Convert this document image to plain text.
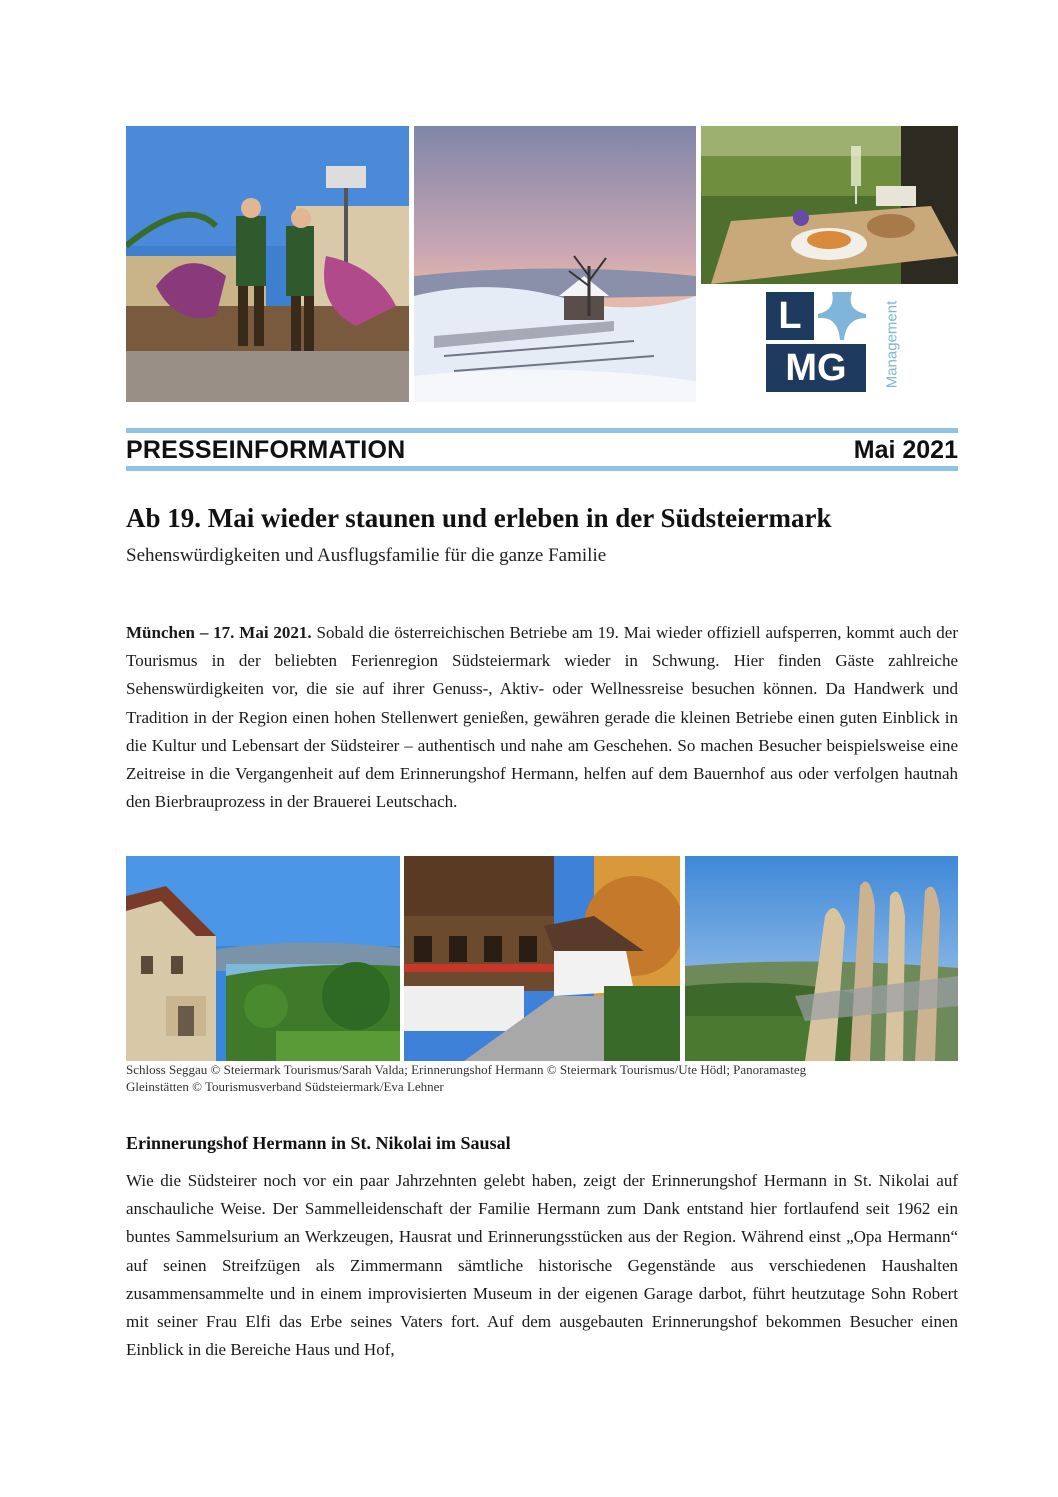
L
MG	Management
PRESSEINFORMATION	Mai 2021
Ab 19. Mai wieder staunen und erleben in der Südsteiermark
Sehenswürdigkeiten und Ausflugsfamilie für die ganze Familie

München – 17. Mai 2021. Sobald die österreichischen Betriebe am 19. Mai wieder offiziell aufsperren, kommt auch der Tourismus in der beliebten Ferienregion Südsteiermark wieder in Schwung. Hier finden Gäste zahlreiche Sehenswürdigkeiten vor, die sie auf ihrer Genuss-, Aktiv- oder Wellnessreise besuchen können. Da Handwerk und Tradition in der Region einen hohen Stellenwert genießen, gewähren gerade die kleinen Betriebe einen guten Einblick in die Kultur und Lebensart der Südsteirer – authentisch und nahe am Geschehen. So machen Besucher beispielsweise eine Zeitreise in die Vergangenheit auf dem Erinnerungshof Hermann, helfen auf dem Bauernhof aus oder verfolgen hautnah den Bierbrauprozess in der Brauerei Leutschach.

Schloss Seggau © Steiermark Tourismus/Sarah Valda; Erinnerungshof Hermann © Steiermark Tourismus/Ute Hödl; Panoramasteg
Gleinstätten © Tourismusverband Südsteiermark/Eva Lehner
Erinnerungshof Hermann in St. Nikolai im Sausal

Wie die Südsteirer noch vor ein paar Jahrzehnten gelebt haben, zeigt der Erinnerungshof Hermann in St. Nikolai auf anschauliche Weise. Der Sammelleidenschaft der Familie Hermann zum Dank entstand hier fortlaufend seit 1962 ein buntes Sammelsurium an Werkzeugen, Hausrat und Erinnerungsstücken aus der Region. Während einst „Opa Hermann“ auf seinen Streifzügen als Zimmermann sämtliche historische Gegenstände aus verschiedenen Haushalten zusammensammelte und in einem improvisierten Museum in der eigenen Garage darbot, führt heutzutage Sohn Robert mit seiner Frau Elfi das Erbe seines Vaters fort. Auf dem ausgebauten Erinnerungshof bekommen Besucher einen Einblick in die Bereiche Haus und Hof,
